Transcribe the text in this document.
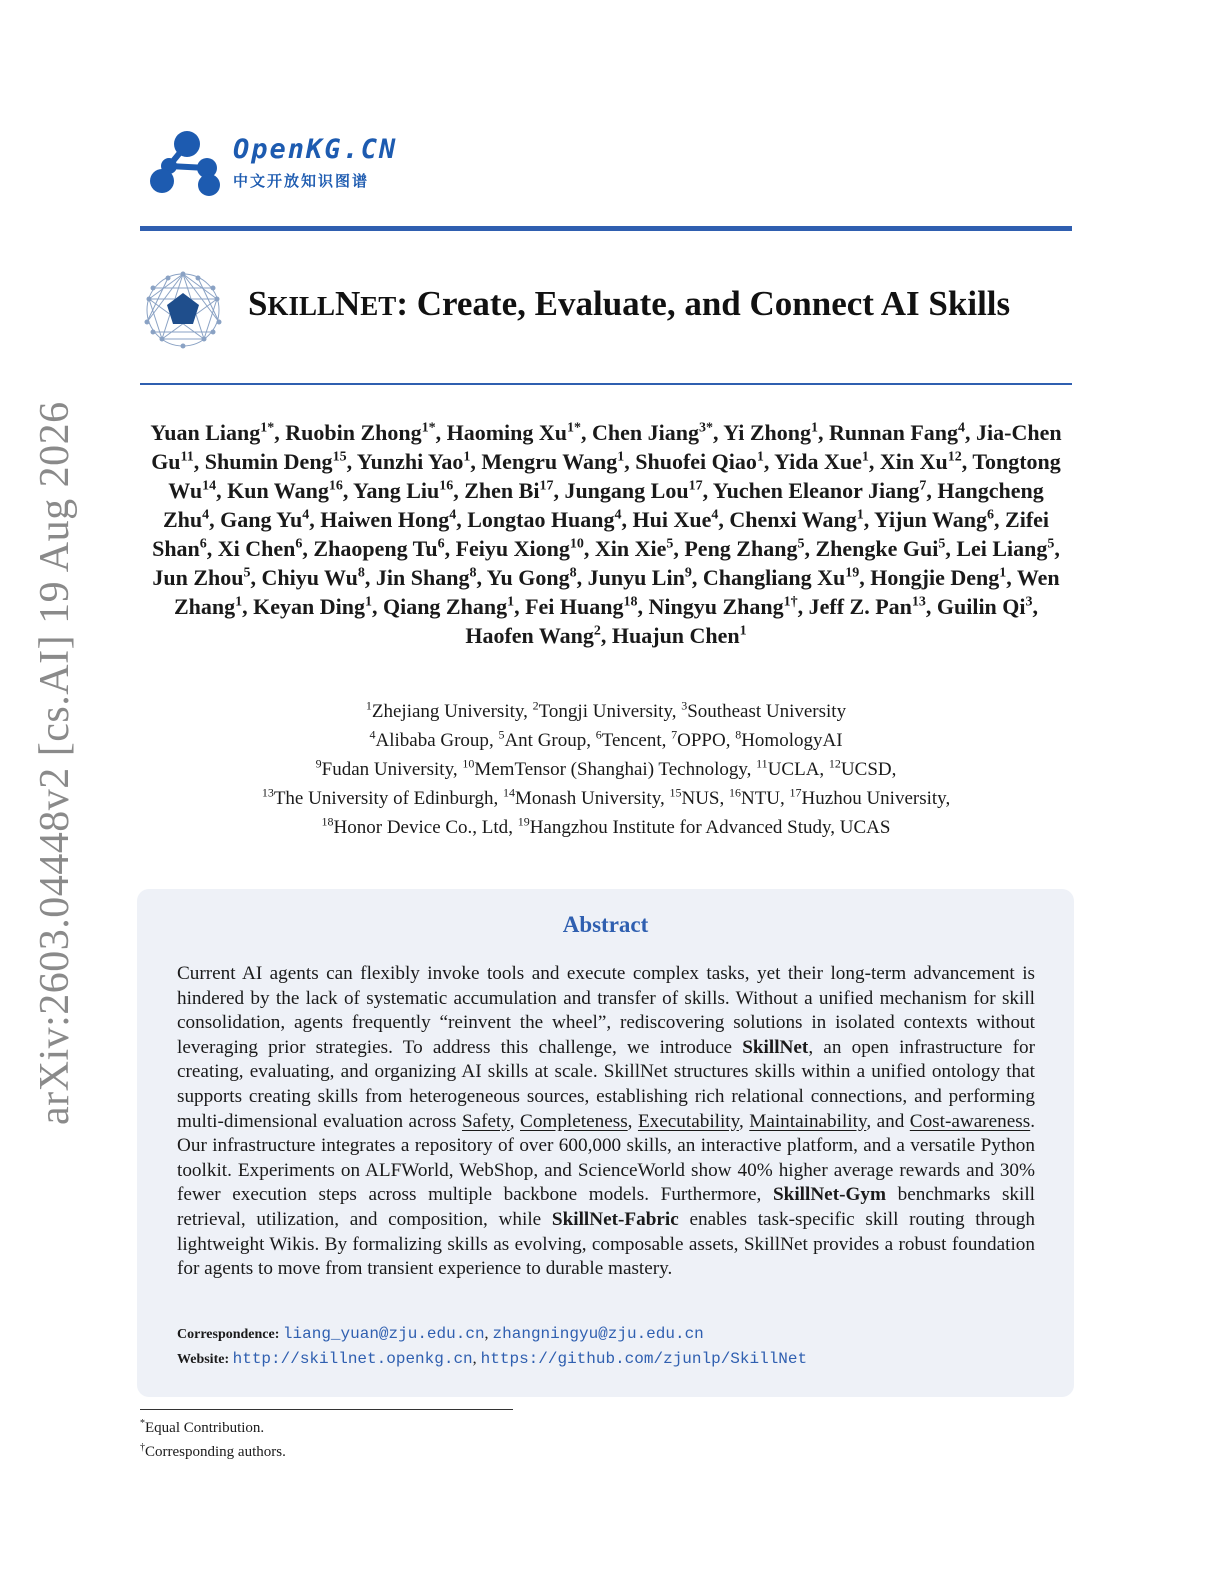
arXiv:2603.04448v2 [cs.AI] 19 Aug 2026
OpenKG.CN
中文开放知识图谱
SKILLNET: Create, Evaluate, and Connect AI Skills
Yuan Liang$^{1*}$, Ruobin Zhong$^{1*}$, Haoming $Xu^{1*}$, Chen Jiang$^{3*}$, Yi Zhong$^1$, Runnan Fang$^4$, Jia-Chen Gu$^{11}$, Shumin Deng$^{15}$, Yunzhi Yao$^1$, Mengru Wang$^1$, Shuofei Qiao$^1$, Yida Xue$^1$, Xin Xu$^{12}$, Tongtong Wu$^{14}$, Kun Wang$^{16}$, Yang Liu$^{16}$, Zhen Bi$^{17}$, Jungang Lou$^{17}$, Yuchen Eleanor Jiang$^7$, Hangcheng Zhu$^4$, Gang Yu$^4$, Haiwen Hong$^4$, Longtao Huang$^4$, Hui Xue$^4$, Chenxi Wang$^1$, Yijun Wang$^6$, Zifei Shan$^6$, Xi Chen$^6$, Zhaopeng Tu$^6$, Feiyu Xiong$^{10}$, Xin Xie$^5$, Peng Zhang$^5$, Zhengke Gui$^5$, Lei Liang$^5$, Jun Zhou$^5$, Chiyu Wu$^8$, Jin Shang$^8$, Yu Gong$^8$, Junyu Lin$^9$, Changliang Xu$^{19}$, Hongjie Deng$^1$, Wen Zhang$^1$, Keyan Ding$^1$, Qiang Zhang$^1$, Fei Huang$^{18}$, Ningyu Zhang$^{1\dagger}$, Jeff Z. Pan$^{13}$, Guilin Qi$^3$, Haofen Wang$^2$, Huajun Chen$^1$
$^1$Zhejiang University, $^2$Tongji University, $^3$Southeast University
$^4$Alibaba Group, $^5$Ant Group, $^6$Tencent, $^7$OPPO, $^8$HomologyAI
$^9$Fudan University, $^{10}$MemTensor (Shanghai) Technology, $^{11}$UCLA, $^{12}$UCSD,
$^{13}$The University of Edinburgh, $^{14}$Monash University, $^{15}$NUS, $^{16}$NTU, $^{17}$Huzhou University,
$^{18}$Honor Device Co., Ltd, $^{19}$Hangzhou Institute for Advanced Study, UCAS
Abstract
Current AI agents can flexibly invoke tools and execute complex tasks, yet their long-term advancement is hindered by the lack of systematic accumulation and transfer of skills. Without a unified mechanism for skill consolidation, agents frequently “reinvent the wheel”, rediscovering solutions in isolated contexts without leveraging prior strategies. To address this challenge, we introduce SkillNet, an open infrastructure for creating, evaluating, and organizing AI skills at scale. SkillNet structures skills within a unified ontology that supports creating skills from heterogeneous sources, establishing rich relational connections, and performing multi-dimensional evaluation across Safety, Completeness, Executability, Maintainability, and Cost-awareness. Our infrastructure integrates a repository of over 600,000 skills, an interactive platform, and a versatile Python toolkit. Experiments on ALFWorld, WebShop, and ScienceWorld show 40% higher average rewards and 30% fewer execution steps across multiple backbone models. Furthermore, SkillNet-Gym benchmarks skill retrieval, utilization, and composition, while SkillNet-Fabric enables task-specific skill routing through lightweight Wikis. By formalizing skills as evolving, composable assets, SkillNet provides a robust foundation for agents to move from transient experience to durable mastery.
Correspondence: liang_yuan@zju.edu.cn, zhangningyu@zju.edu.cn
Website: http://skillnet.openkg.cn, https://github.com/zjunlp/SkillNet
*Equal Contribution.
†Corresponding authors.
